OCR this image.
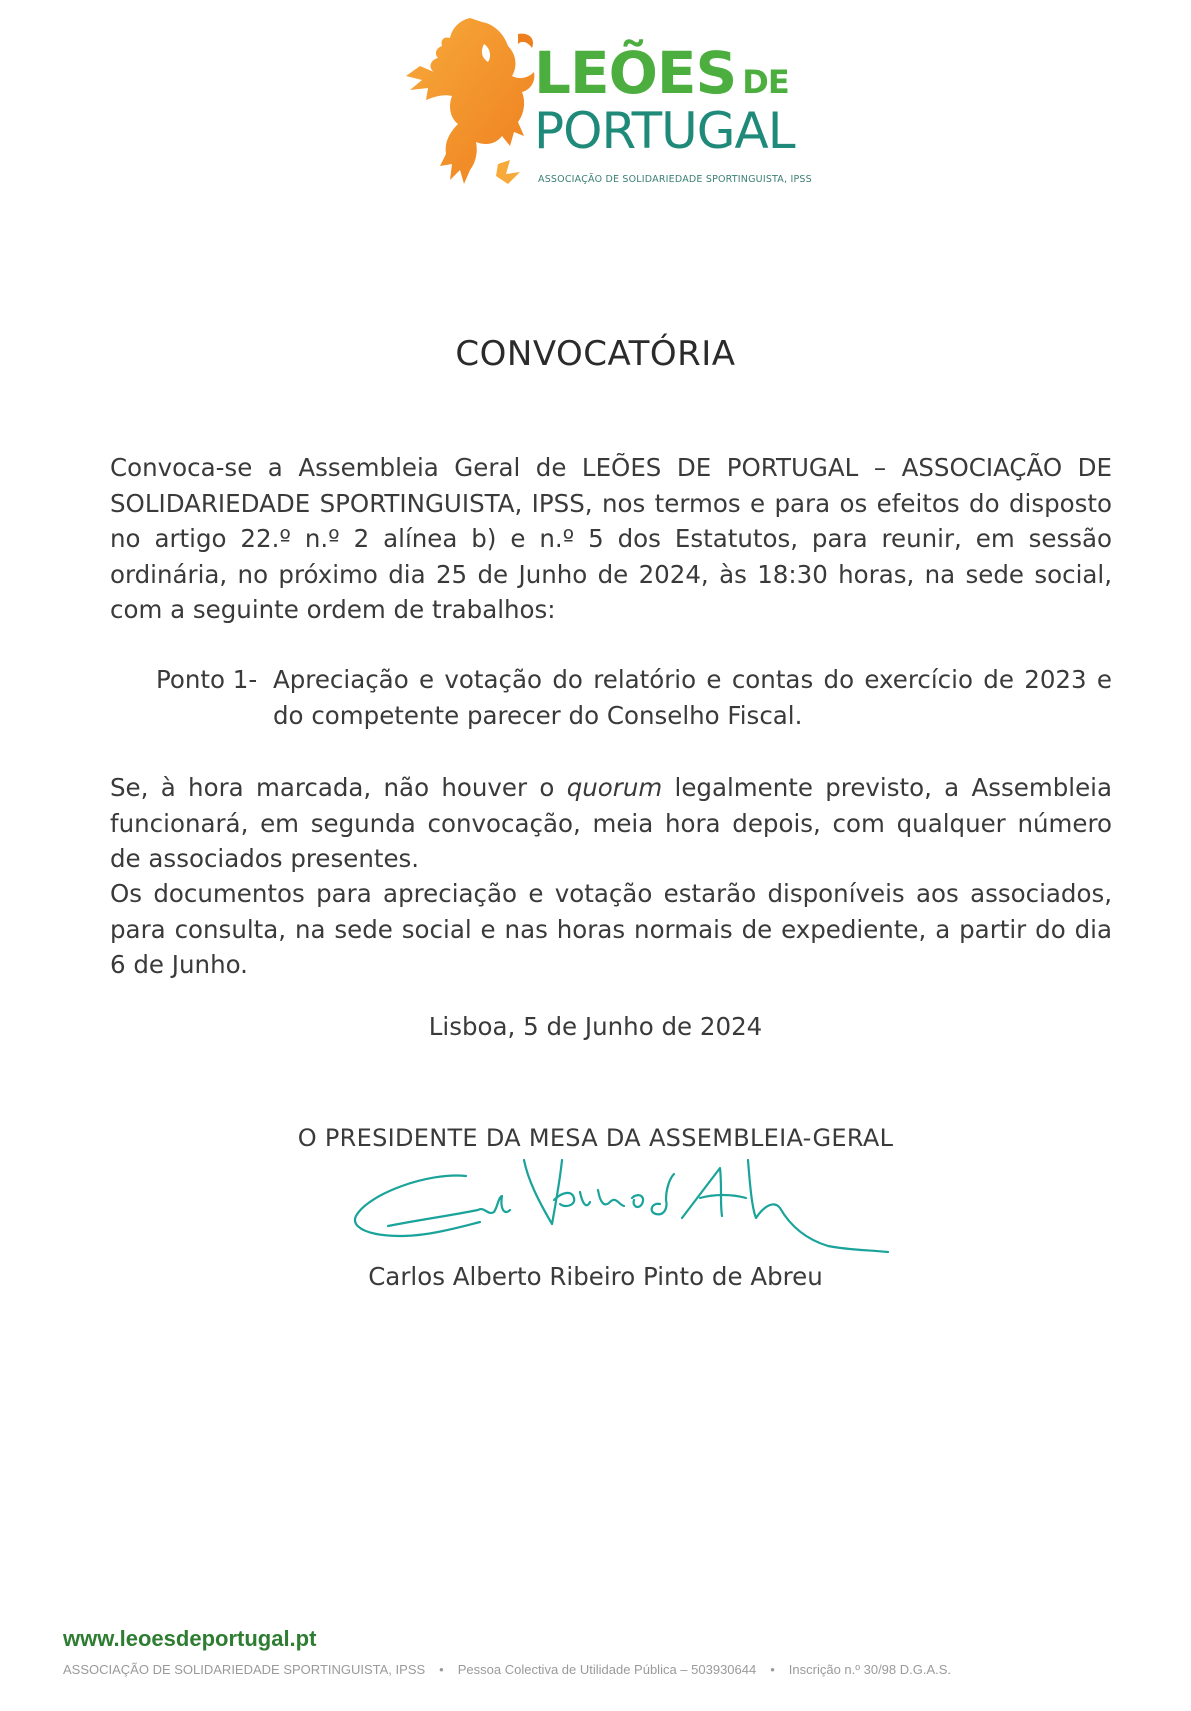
LEÕES DE
PORTUGAL
ASSOCIAÇÃO DE SOLIDARIEDADE SPORTINGUISTA, IPSS
CONVOCATÓRIA

Convoca-se a Assembleia Geral de LEÕES DE PORTUGAL – ASSOCIAÇÃO DE SOLIDARIEDADE SPORTINGUISTA, IPSS, nos termos e para os efeitos do disposto no artigo 22.º n.º 2 alínea b) e n.º 5 dos Estatutos, para reunir, em sessão ordinária, no próximo dia 25 de Junho de 2024, às 18:30 horas, na sede social, com a seguinte ordem de trabalhos:

Ponto 1- Apreciação e votação do relatório e contas do exercício de 2023 e do competente parecer do Conselho Fiscal.

Se, à hora marcada, não houver o quorum legalmente previsto, a Assembleia funcionará, em segunda convocação, meia hora depois, com qualquer número de associados presentes.

Os documentos para apreciação e votação estarão disponíveis aos associados, para consulta, na sede social e nas horas normais de expediente, a partir do dia 6 de Junho.

Lisboa, 5 de Junho de 2024
O PRESIDENTE DA MESA DA ASSEMBLEIA-GERAL
Carlos Alberto Ribeiro Pinto de Abreu
www.leoesdeportugal.pt
ASSOCIAÇÃO DE SOLIDARIEDADE SPORTINGUISTA, IPSS • Pessoa Colectiva de Utilidade Pública – 503930644 • Inscrição n.º 30/98 D.G.A.S.
